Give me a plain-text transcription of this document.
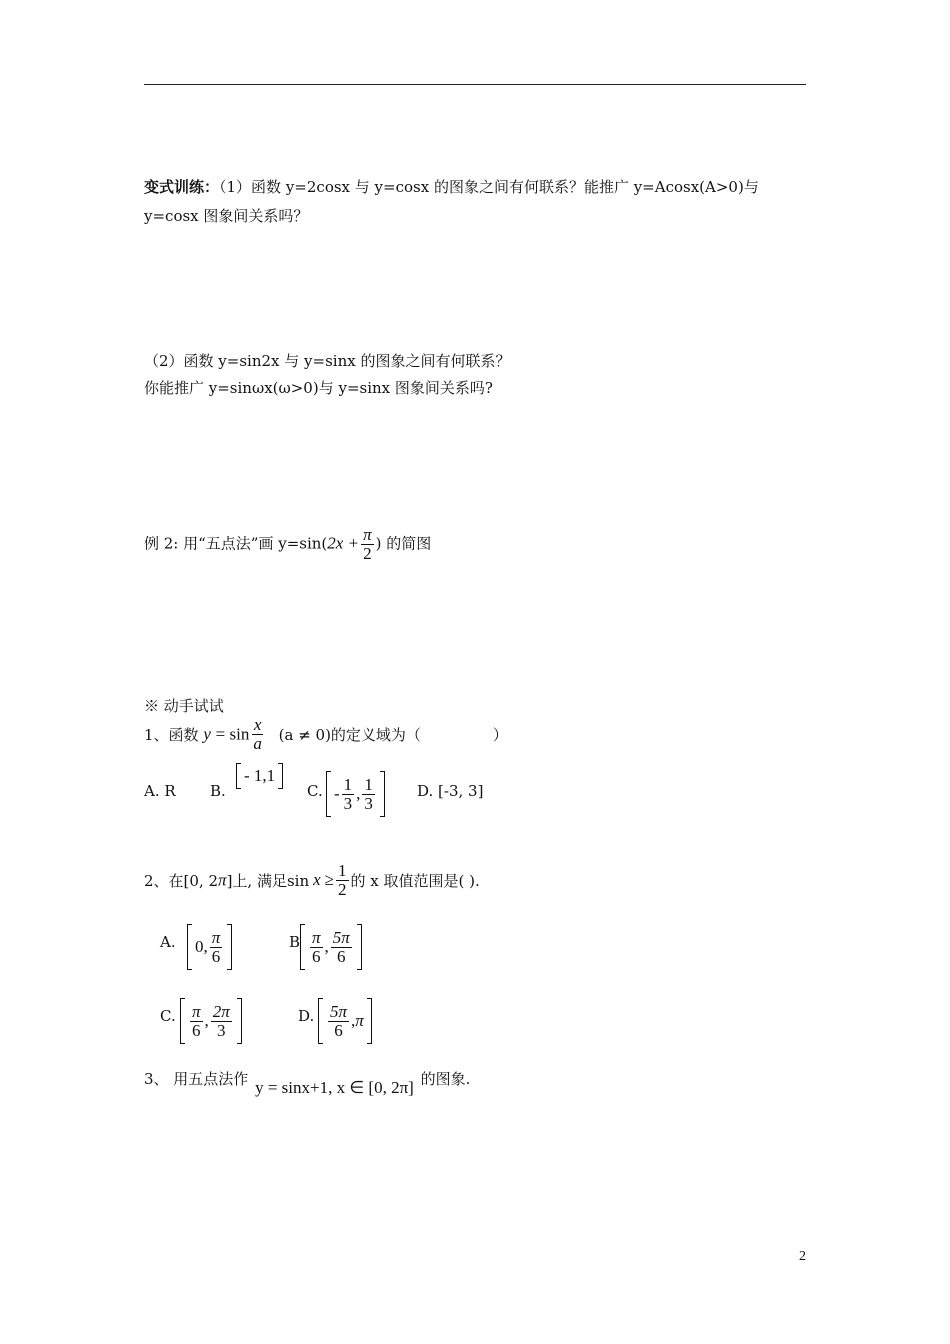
变式训练：（1）函数 y=2cosx 与 y=cosx 的图象之间有何联系？能推广 y=Acosx(A>0)与
y=cosx 图象间关系吗？
（2）函数 y=sin2x 与 y=sinx 的图象之间有何联系？
你能推广 y=sinωx(ω>0)与 y=sinx 图象间关系吗?
例 2: 用“五点法”画 $y=\sin(2x + \frac{\pi}{2}$ ) 的简图
※ 动手试试
1、函数 $y = \sin \frac{x}{a} (a \ne 0)$的定义域为（	）
A. R B.
- 1,1
C. - $\frac{1}{3}$ , $\frac{1}{3}$	D. [-3, 3]
2、在[0, 2π]上, 满足$\sin x \ge \frac{1}{2}$ 的 x 取值范围是( ).
A. 0, $\frac{\pi}{6}$	B $\frac{\pi}{6}$ , $\frac{5\pi}{6}$
C. $\frac{\pi}{6}$ , $\frac{2\pi}{3}$	D. $\frac{5\pi}{6}$ , π
3、 用五点法作 y = sinx+1, x ∈ [0, 2π] 的图象.
2
